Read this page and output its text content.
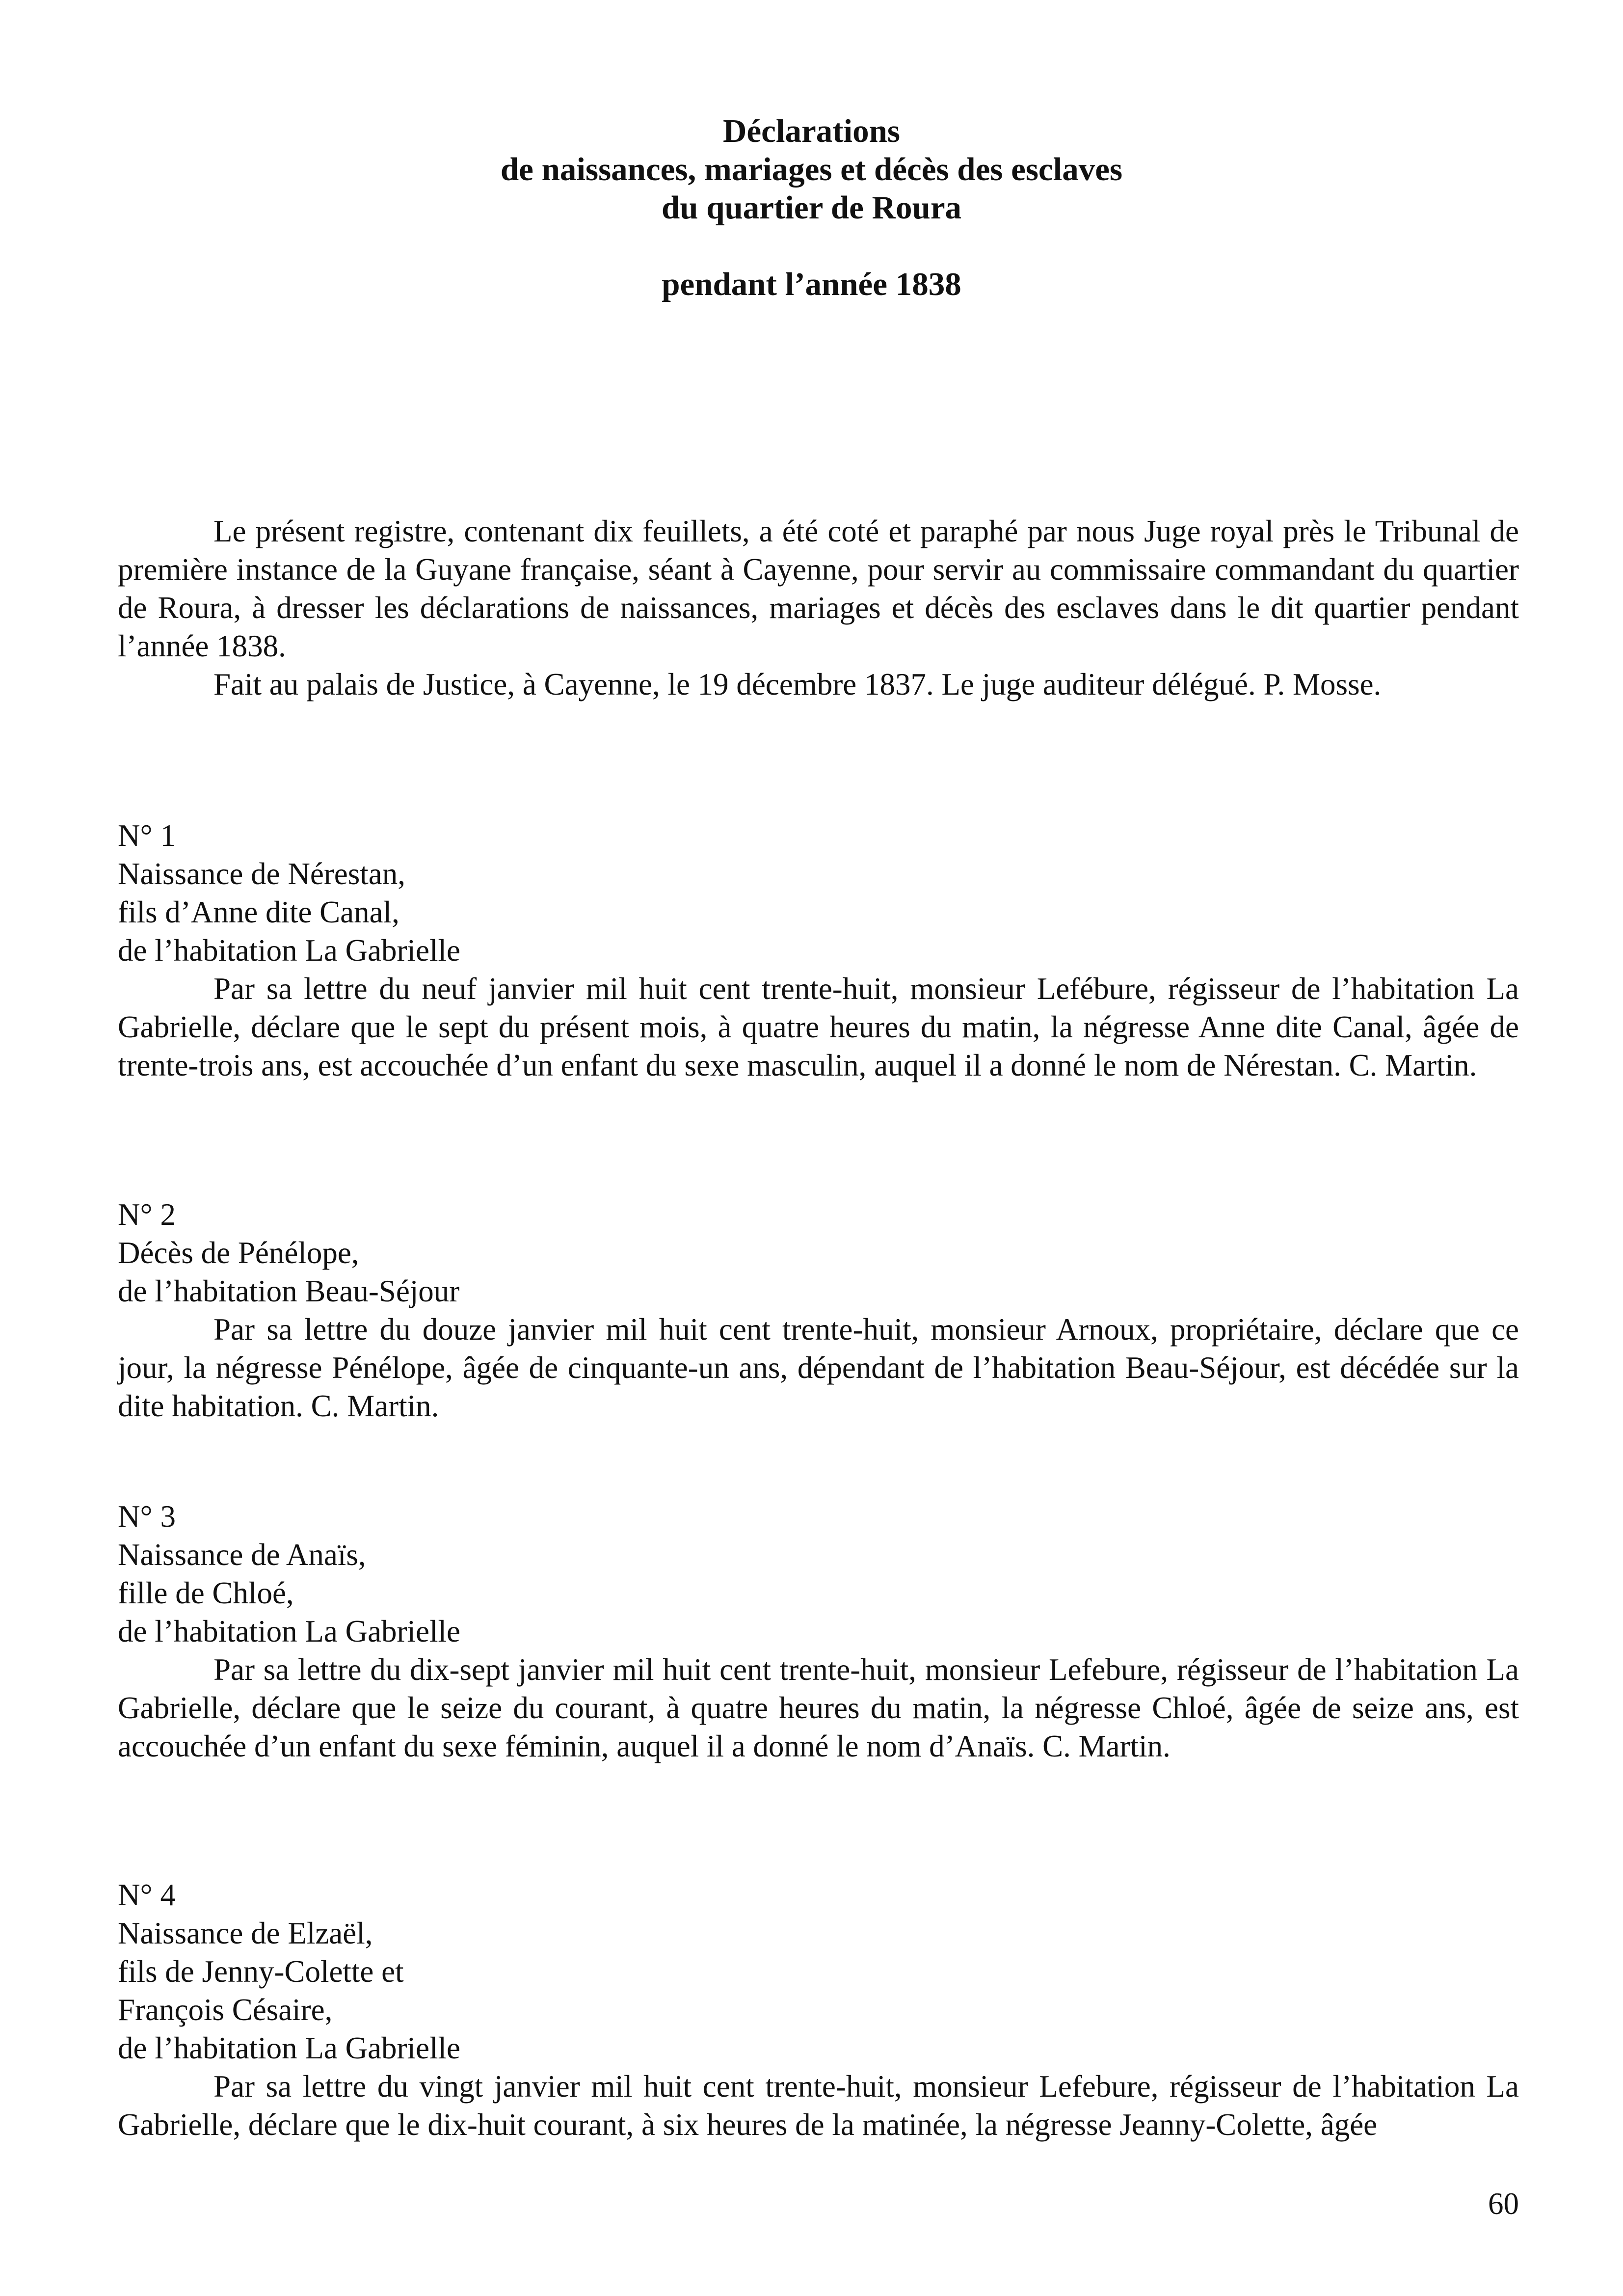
Déclarations
de naissances, mariages et décès des esclaves
du quartier de Roura
pendant l’année 1838

Le présent registre, contenant dix feuillets, a été coté et paraphé par nous Juge royal près le Tribunal de première instance de la Guyane française, séant à Cayenne, pour servir au commissaire commandant du quartier de Roura, à dresser les déclarations de naissances, mariages et décès des esclaves dans le dit quartier pendant l’année 1838.

Fait au palais de Justice, à Cayenne, le 19 décembre 1837. Le juge auditeur délégué. P. Mosse.

N° 1
Naissance de Nérestan,
fils d’Anne dite Canal,
de l’habitation La Gabrielle

Par sa lettre du neuf janvier mil huit cent trente-huit, monsieur Lefébure, régisseur de l’habitation La Gabrielle, déclare que le sept du présent mois, à quatre heures du matin, la négresse Anne dite Canal, âgée de trente-trois ans, est accouchée d’un enfant du sexe masculin, auquel il a donné le nom de Nérestan. C. Martin.

N° 2
Décès de Pénélope,
de l’habitation Beau-Séjour

Par sa lettre du douze janvier mil huit cent trente-huit, monsieur Arnoux, propriétaire, déclare que ce jour, la négresse Pénélope, âgée de cinquante-un ans, dépendant de l’habitation Beau-Séjour, est décédée sur la dite habitation. C. Martin.

N° 3
Naissance de Anaïs,
fille de Chloé,
de l’habitation La Gabrielle

Par sa lettre du dix-sept janvier mil huit cent trente-huit, monsieur Lefebure, régisseur de l’habitation La Gabrielle, déclare que le seize du courant, à quatre heures du matin, la négresse Chloé, âgée de seize ans, est accouchée d’un enfant du sexe féminin, auquel il a donné le nom d’Anaïs. C. Martin.

N° 4
Naissance de Elzaël,
fils de Jenny-Colette et
François Césaire,
de l’habitation La Gabrielle

Par sa lettre du vingt janvier mil huit cent trente-huit, monsieur Lefebure, régisseur de l’habitation La Gabrielle, déclare que le dix-huit courant, à six heures de la matinée, la négresse Jeanny-Colette, âgée

60
